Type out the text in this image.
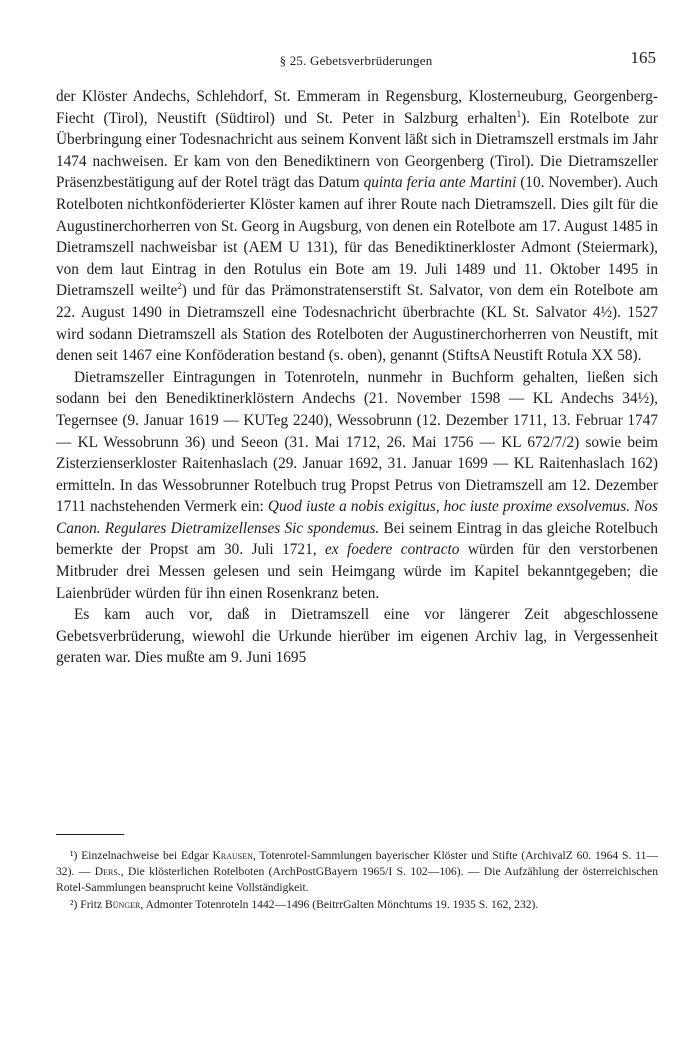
§ 25. Gebetsverbrüderungen	165

der Klöster Andechs, Schlehdorf, St. Emmeram in Regensburg, Klosterneuburg, Georgenberg-Fiecht (Tirol), Neustift (Südtirol) und St. Peter in Salzburg erhalten$^1$). Ein Rotelbote zur Überbringung einer Todesnachricht aus seinem Konvent läßt sich in Dietramszell erstmals im Jahr 1474 nachweisen. Er kam von den Benediktinern von Georgenberg (Tirol). Die Dietramszeller Präsenzbestätigung auf der Rotel trägt das Datum quinta feria ante Martini (10. November). Auch Rotelboten nichtkonföderierter Klöster kamen auf ihrer Route nach Dietramszell. Dies gilt für die Augustinerchorherren von St. Georg in Augsburg, von denen ein Rotelbote am 17. August 1485 in Dietramszell nachweisbar ist (AEM U 131), für das Benediktinerkloster Admont (Steiermark), von dem laut Eintrag in den Rotulus ein Bote am 19. Juli 1489 und 11. Oktober 1495 in Dietramszell weilte$^2$) und für das Prämonstratenserstift St. Salvator, von dem ein Rotelbote am 22. August 1490 in Dietramszell eine Todesnachricht überbrachte (KL St. Salvator 4½). 1527 wird sodann Dietramszell als Station des Rotelboten der Augustinerchorherren von Neustift, mit denen seit 1467 eine Konföderation bestand (s. oben), genannt (StiftsA Neustift Rotula XX 58).

Dietramszeller Eintragungen in Totenroteln, nunmehr in Buchform gehalten, ließen sich sodann bei den Benediktinerklöstern Andechs (21. November 1598 — KL Andechs 34½), Tegernsee (9. Januar 1619 — KUTeg 2240), Wessobrunn (12. Dezember 1711, 13. Februar 1747 — KL Wessobrunn 36) und Seeon (31. Mai 1712, 26. Mai 1756 — KL 672/7/2) sowie beim Zisterzienserkloster Raitenhaslach (29. Januar 1692, 31. Januar 1699 — KL Raitenhaslach 162) ermitteln. In das Wessobrunner Rotelbuch trug Propst Petrus von Dietramszell am 12. Dezember 1711 nachstehenden Vermerk ein: Quod iuste a nobis exigitus, hoc iuste proxime exsolvemus. Nos Canon. Regulares Dietramizellenses Sic spondemus. Bei seinem Eintrag in das gleiche Rotelbuch bemerkte der Propst am 30. Juli 1721, ex foedere contracto würden für den verstorbenen Mitbruder drei Messen gelesen und sein Heimgang würde im Kapitel bekanntgegeben; die Laienbrüder würden für ihn einen Rosenkranz beten.

Es kam auch vor, daß in Dietramszell eine vor längerer Zeit abgeschlossene Gebetsverbrüderung, wiewohl die Urkunde hierüber im eigenen Archiv lag, in Vergessenheit geraten war. Dies mußte am 9. Juni 1695

¹) Einzelnachweise bei Edgar Krausen, Totenrotel-Sammlungen bayerischer Klöster und Stifte (ArchivalZ 60. 1964 S. 11—32). — Ders., Die klösterlichen Rotelboten (ArchPostGBayern 1965/I S. 102—106). — Die Aufzählung der österreichischen Rotel-Sammlungen beansprucht keine Vollständigkeit.

²) Fritz Bünger, Admonter Totenroteln 1442—1496 (BeitrrGalten Mönchtums 19. 1935 S. 162, 232).
